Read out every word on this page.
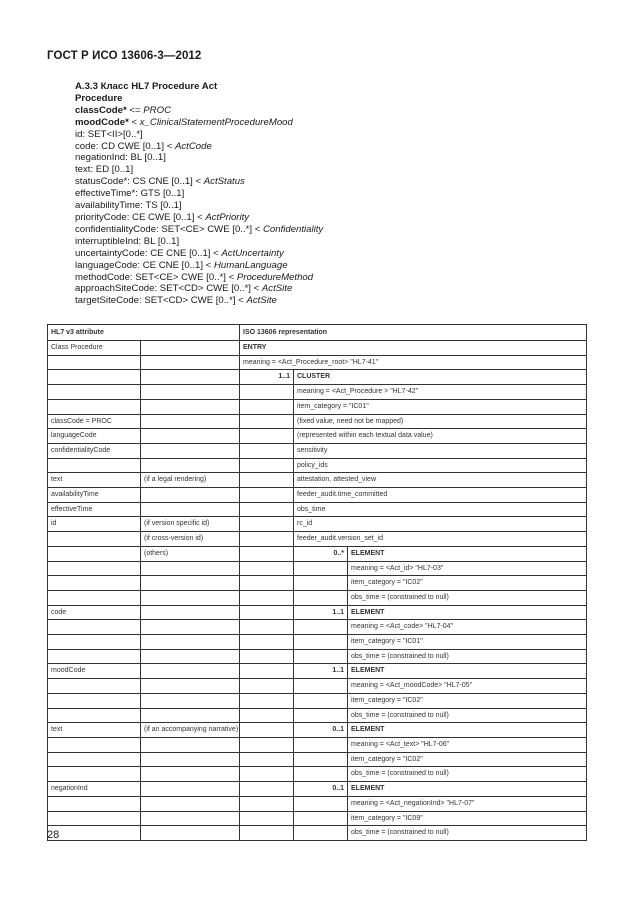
ГОСТ Р ИСО 13606-3—2012
A.3.3 Класс HL7 Procedure Act
Procedure
classCode* <= PROC
moodCode* < x_ClinicalStatementProcedureMood
id: SET<II>[0..*]
code: CD CWE [0..1] < ActCode
negationInd: BL [0..1]
text: ED [0..1]
statusCode*: CS CNE [0..1] < ActStatus
effectiveTime*: GTS [0..1]
availabilityTime: TS [0..1]
priorityCode: CE CWE [0..1] < ActPriority
confidentialityCode: SET<CE> CWE [0..*] < Confidentiality
interruptibleInd: BL [0..1]
uncertaintyCode: CE CNE [0..1] < ActUncertainty
languageCode: CE CNE [0..1] < HumanLanguage
methodCode: SET<CE> CWE [0..*] < ProcedureMethod
approachSiteCode: SET<CD> CWE [0..*] < ActSite
targetSiteCode: SET<CD> CWE [0..*] < ActSite
HL7 v3 attribute		ISO 13606 representation		
Class Procedure		ENTRY		
		meaning = <Act_Procedure_root> "HL7-41"		
		1..1	CLUSTER	
			meaning = <Act_Procedure > "HL7-42"	
			item_category = "IC01"	
classCode = PROC			(fixed value, need not be mapped)	
languageCode			(represented within each textual data value)	
confidentialityCode			sensitivity	
			policy_ids	
text	(if a legal rendering)		attestation, attested_view	
availabilityTime			feeder_audit.time_committed	
effectiveTime			obs_time	
id	(if version specific id)		rc_id	
	(if cross-version id)		feeder_audit.version_set_id	
	(others)		0..*	ELEMENT
				meaning = <Act_id> "HL7-03"
				item_category = "IC02"
				obs_time = (constrained to null)
code			1..1	ELEMENT
				meaning = <Act_code> "HL7-04"
				item_category = "IC01"
				obs_time = (constrained to null)
moodCode			1..1	ELEMENT
				meaning = <Act_moodCode> "HL7-05"
				item_category = "IC02"
				obs_time = (constrained to null)
text	(if an accompanying narrative)		0..1	ELEMENT
				meaning = <Act_text> "HL7-06"
				item_category = "IC02"
				obs_time = (constrained to null)
negationInd			0..1	ELEMENT
				meaning = <Act_negationInd> "HL7-07"
				item_category = "IC09"
				obs_time = (constrained to null)
28
